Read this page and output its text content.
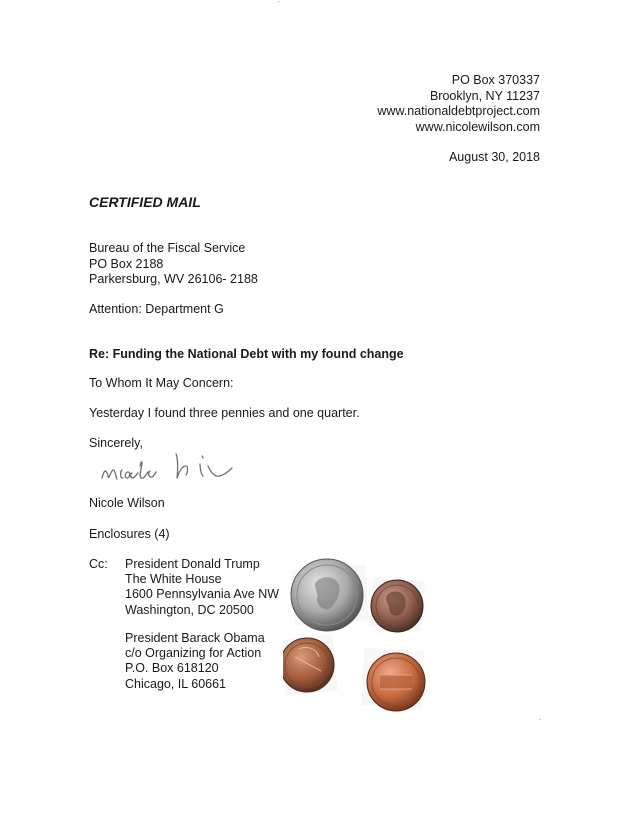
PO Box 370337
Brooklyn, NY 11237
www.nationaldebtproject.com
www.nicolewilson.com
August 30, 2018
CERTIFIED MAIL
Bureau of the Fiscal Service
PO Box 2188
Parkersburg, WV 26106- 2188
Attention: Department G
Re: Funding the National Debt with my found change
To Whom It May Concern:
Yesterday I found three pennies and one quarter.
Sincerely,
Nicole Wilson
Enclosures (4)
Cc: President Donald Trump
The White House
1600 Pennsylvania Ave NW
Washington, DC 20500
President Barack Obama
c/o Organizing for Action
P.O. Box 618120
Chicago, IL 60661
